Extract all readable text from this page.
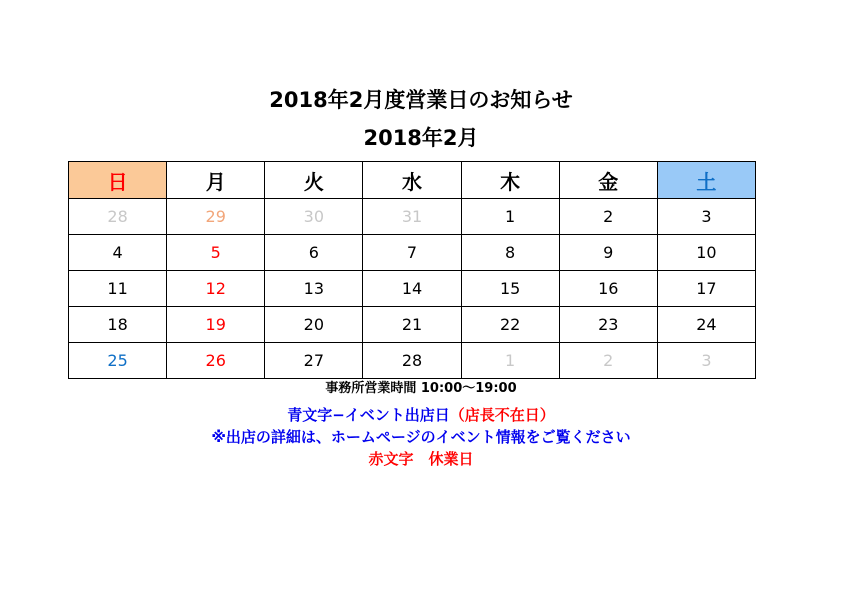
2018年2月度営業日のお知らせ
2018年2月
日	月	火	水	木	金	土
28	29	30	31	1	2	3
4	5	6	7	8	9	10
11	12	13	14	15	16	17
18	19	20	21	22	23	24
25	26	27	28	1	2	3
事務所営業時間 10:00～19:00
青文字−イベント出店日（店長不在日）
※出店の詳細は、ホームページのイベント情報をご覧ください
赤文字　休業日
